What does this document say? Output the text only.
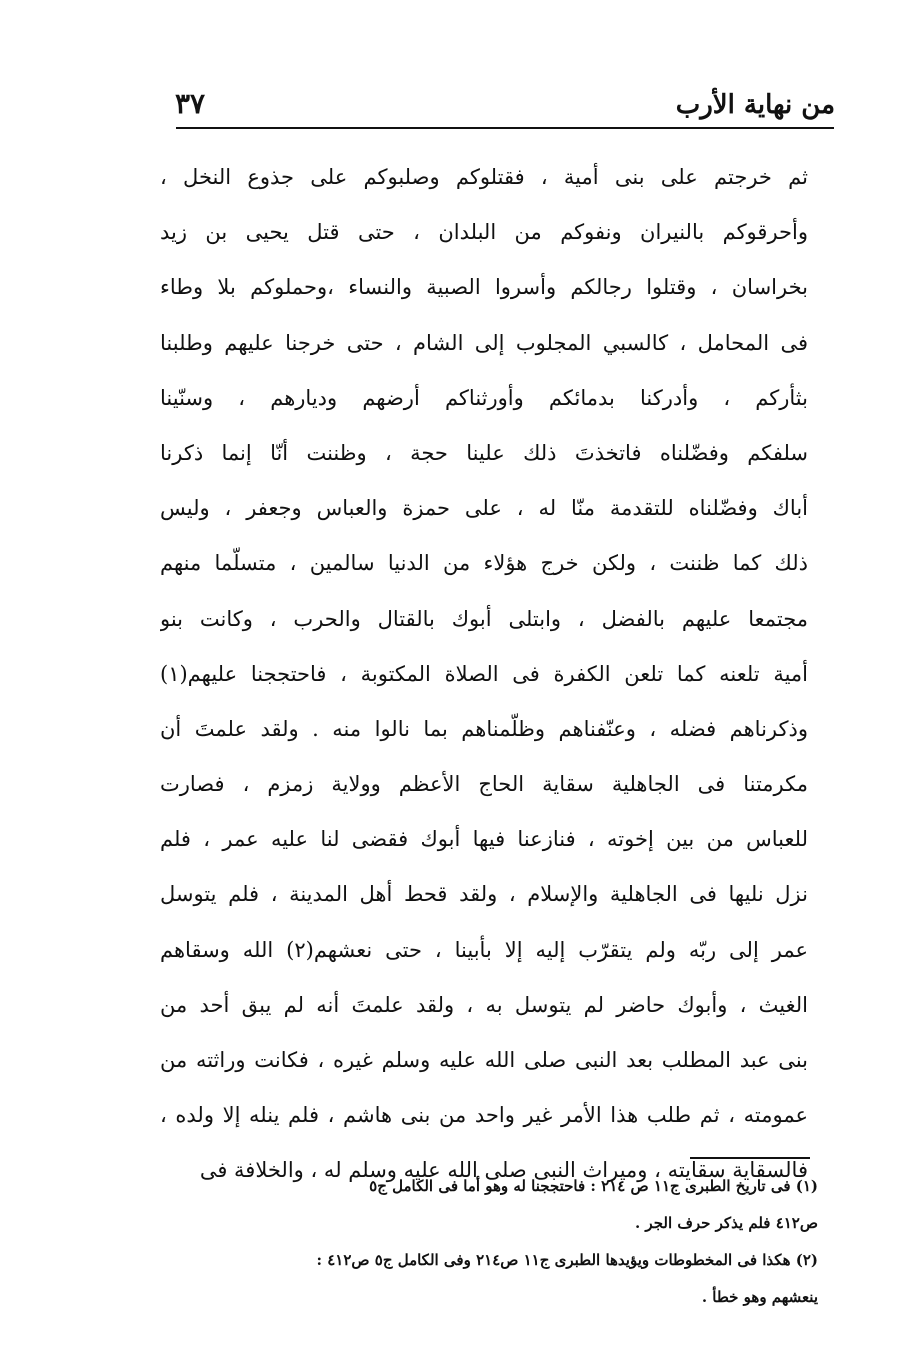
من نهاية الأرب
٣٧
ثم خرجتم على بنى أمية ، فقتلوكم وصلبوكم على جذوع النخل ،
وأحرقوكم بالنيران ونفوكم من البلدان ، حتى قتل يحيى بن زيد
بخراسان ، وقتلوا رجالكم وأسروا الصبية والنساء ،وحملوكم بلا وطاء
فى المحامل ، كالسبي المجلوب إلى الشام ، حتى خرجنا عليهم وطلبنا
بثأركم ، وأدركنا بدمائكم وأورثناكم أرضهم وديارهم ، وسنّينا
سلفكم وفضّلناه فاتخذتَ ذلك علينا حجة ، وظننت أنّا إنما ذكرنا
أباك وفضّلناه للتقدمة منّا له ، على حمزة والعباس وجعفر ، وليس
ذلك كما ظننت ، ولكن خرج هؤلاء من الدنيا سالمين ، متسلّما منهم
مجتمعا عليهم بالفضل ، وابتلى أبوك بالقتال والحرب ، وكانت بنو
أمية تلعنه كما تلعن الكفرة فى الصلاة المكتوبة ، فاحتججنا عليهم(١)
وذكرناهم فضله ، وعنّفناهم وظلّمناهم بما نالوا منه . ولقد علمتَ أن
مكرمتنا فى الجاهلية سقاية الحاج الأعظم وولاية زمزم ، فصارت
للعباس من بين إخوته ، فنازعنا فيها أبوك فقضى لنا عليه عمر ، فلم
نزل نليها فى الجاهلية والإسلام ، ولقد قحط أهل المدينة ، فلم يتوسل
عمر إلى ربّه ولم يتقرّب إليه إلا بأبينا ، حتى نعشهم(٢) الله وسقاهم
الغيث ، وأبوك حاضر لم يتوسل به ، ولقد علمتَ أنه لم يبق أحد من
بنى عبد المطلب بعد النبى صلى الله عليه وسلم غيره ، فكانت وراثته من
عمومته ، ثم طلب هذا الأمر غير واحد من بنى هاشم ، فلم ينله إلا ولده ،
فالسقاية سقايته ، وميراث النبى صلى الله عليه وسلم له ، والخلافة فى
(١) فى تاريخ الطبرى ج١١ ص ٢١٤ : فاحتججنا له وهو أما فى الكامل ج٥
ص٤١٢ فلم يذكر حرف الجر .
(٢) هكذا فى المخطوطات ويؤيدها الطبرى ج١١ ص٢١٤ وفى الكامل ج٥ ص٤١٢ :
ينعشهم وهو خطأ .
